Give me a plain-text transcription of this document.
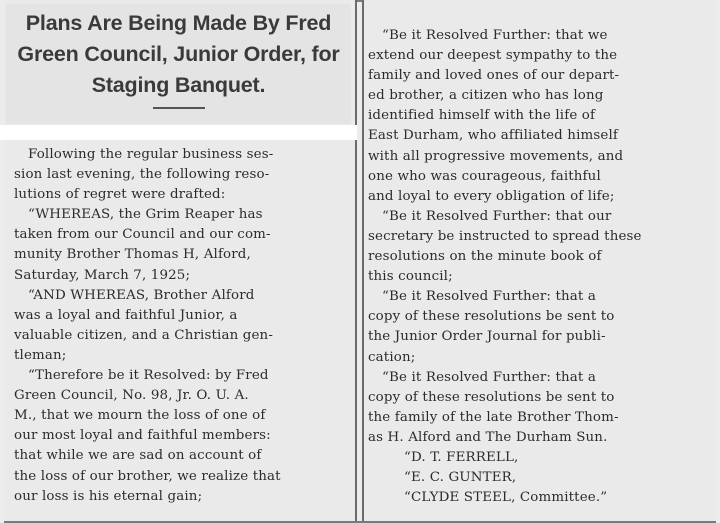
Plans Are Being Made By Fred
Green Council, Junior Order, for
Staging Banquet.
Following the regular business ses-
sion last evening, the following reso-
lutions of regret were drafted:
“WHEREAS, the Grim Reaper has
taken from our Council and our com-
munity Brother Thomas H, Alford,
Saturday, March 7, 1925;
“AND WHEREAS, Brother Alford
was a loyal and faithful Junior, a
valuable citizen, and a Christian gen-
tleman;
“Therefore be it Resolved: by Fred
Green Council, No. 98, Jr. O. U. A.
M., that we mourn the loss of one of
our most loyal and faithful members:
that while we are sad on account of
the loss of our brother, we realize that
our loss is his eternal gain;
“Be it Resolved Further: that we
extend our deepest sympathy to the
family and loved ones of our depart-
ed brother, a citizen who has long
identified himself with the life of
East Durham, who affiliated himself
with all progressive movements, and
one who was courageous, faithful
and loyal to every obligation of life;
“Be it Resolved Further: that our
secretary be instructed to spread these
resolutions on the minute book of
this council;
“Be it Resolved Further: that a
copy of these resolutions be sent to
the Junior Order Journal for publi-
cation;
“Be it Resolved Further: that a
copy of these resolutions be sent to
the family of the late Brother Thom-
as H. Alford and The Durham Sun.
“D. T. FERRELL,
“E. C. GUNTER,
“CLYDE STEEL, Committee.”
